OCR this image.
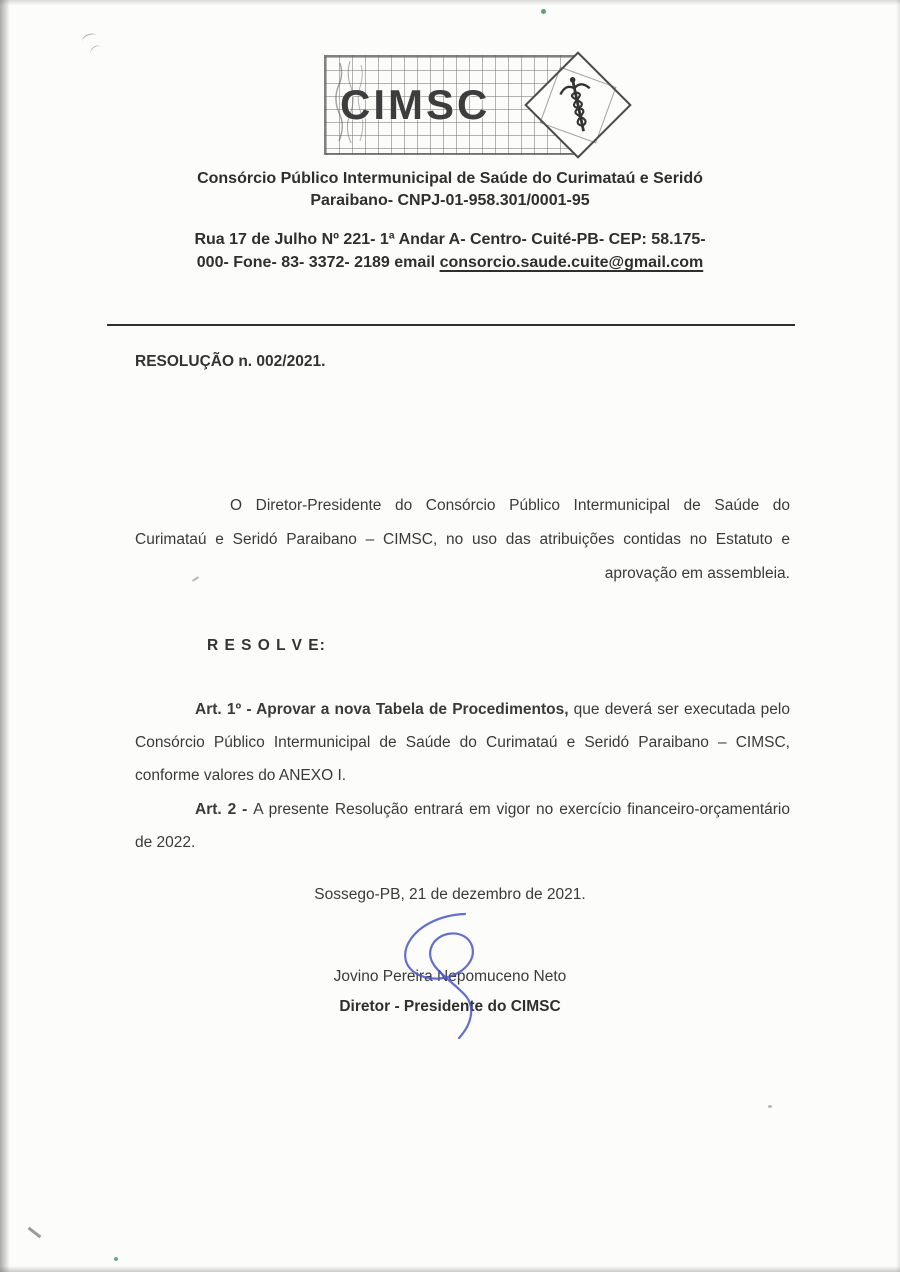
CIMSC
Consórcio Público Intermunicipal de Saúde do Curimataú e Seridó
Paraibano- CNPJ-01-958.301/0001-95
Rua 17 de Julho Nº 221- 1ª Andar A- Centro- Cuité-PB- CEP: 58.175-
000- Fone- 83- 3372- 2189 email consorcio.saude.cuite@gmail.com
RESOLUÇÃO n. 002/2021.

O Diretor-Presidente do Consórcio Público Intermunicipal de Saúde do Curimataú e Seridó Paraibano – CIMSC, no uso das atribuições contidas no Estatuto e aprovação em assembleia.

R E S O L V E:

Art. 1º - Aprovar a nova Tabela de Procedimentos, que deverá ser executada pelo Consórcio Público Intermunicipal de Saúde do Curimataú e Seridó Paraibano – CIMSC, conforme valores do ANEXO I.

Art. 2 - A presente Resolução entrará em vigor no exercício financeiro-orçamentário de 2022.

Sossego-PB, 21 de dezembro de 2021.
Jovino Pereira Nepomuceno Neto
Diretor - Presidente do CIMSC
